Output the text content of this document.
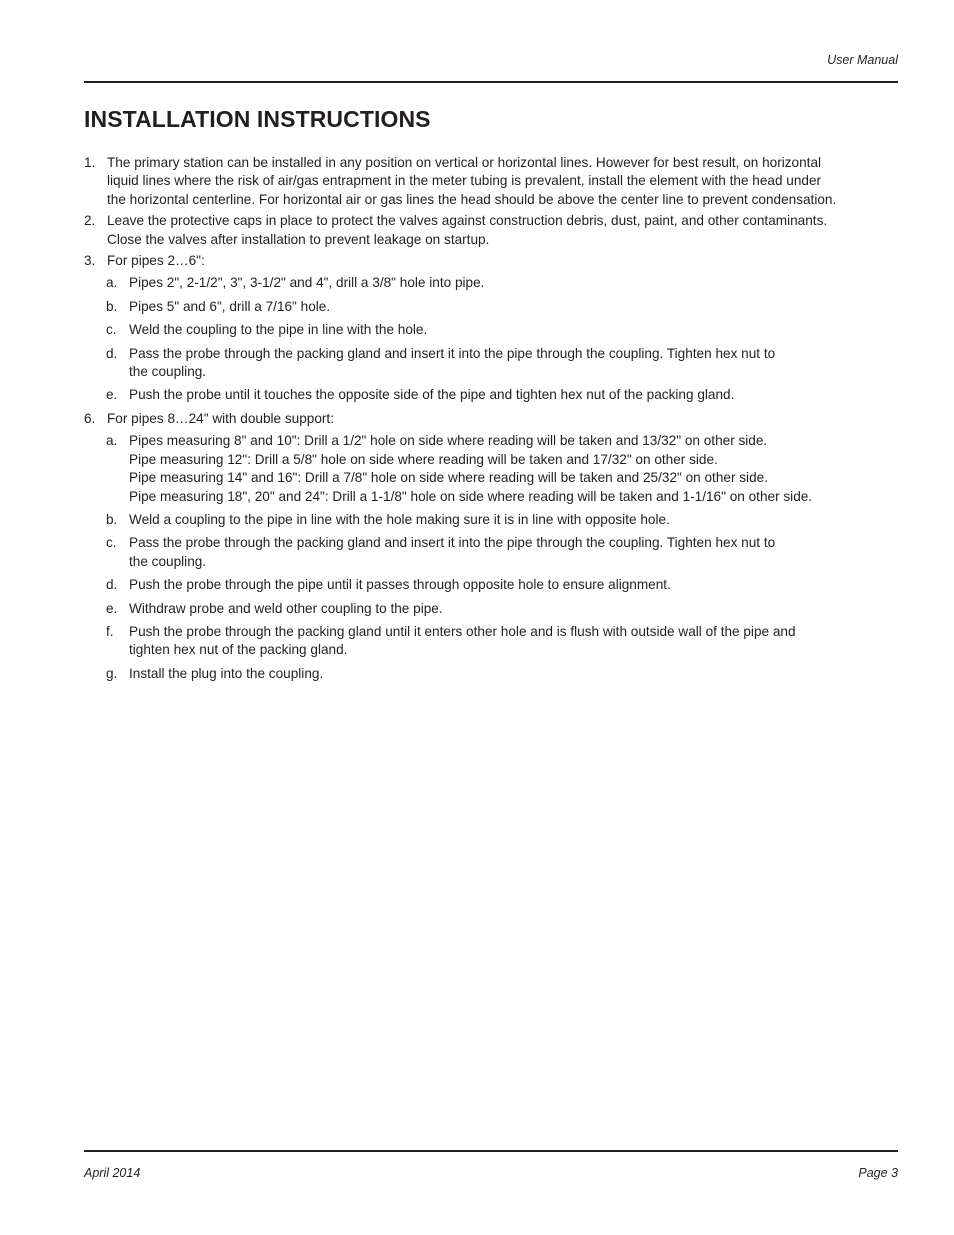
User Manual
INSTALLATION INSTRUCTIONS
1. The primary station can be installed in any position on vertical or horizontal lines. However for best result, on horizontal
liquid lines where the risk of air/gas entrapment in the meter tubing is prevalent, install the element with the head under
the horizontal centerline. For horizontal air or gas lines the head should be above the center line to prevent condensation.
2. Leave the protective caps in place to protect the valves against construction debris, dust, paint, and other contaminants.
Close the valves after installation to prevent leakage on startup.
3. For pipes 2…6":
a. Pipes 2", 2-1/2", 3", 3-1/2" and 4", drill a 3/8" hole into pipe.
b. Pipes 5" and 6", drill a 7/16" hole.
c. Weld the coupling to the pipe in line with the hole.
d. Pass the probe through the packing gland and insert it into the pipe through the coupling. Tighten hex nut to
the coupling.
e. Push the probe until it touches the opposite side of the pipe and tighten hex nut of the packing gland.
6. For pipes 8…24" with double support:
a. Pipes measuring 8" and 10": Drill a 1/2" hole on side where reading will be taken and 13/32" on other side.
Pipe measuring 12": Drill a 5/8" hole on side where reading will be taken and 17/32" on other side.
Pipe measuring 14" and 16": Drill a 7/8" hole on side where reading will be taken and 25/32" on other side.
Pipe measuring 18", 20" and 24": Drill a 1-1/8" hole on side where reading will be taken and 1-1/16" on other side.
b. Weld a coupling to the pipe in line with the hole making sure it is in line with opposite hole.
c. Pass the probe through the packing gland and insert it into the pipe through the coupling. Tighten hex nut to
the coupling.
d. Push the probe through the pipe until it passes through opposite hole to ensure alignment.
e. Withdraw probe and weld other coupling to the pipe.
f. Push the probe through the packing gland until it enters other hole and is flush with outside wall of the pipe and
tighten hex nut of the packing gland.
g. Install the plug into the coupling.
April 2014	Page 3
